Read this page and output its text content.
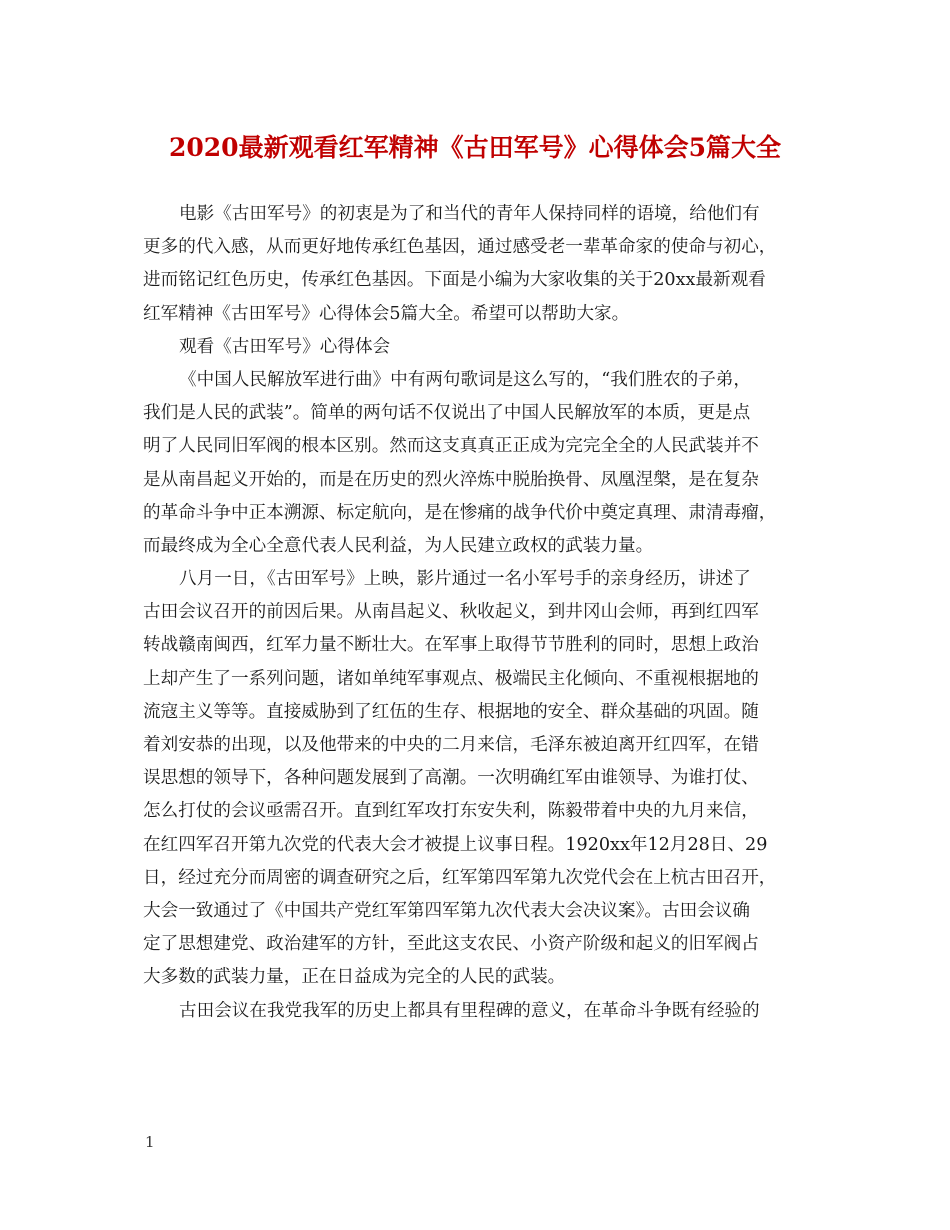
2020最新观看红军精神《古田军号》心得体会5篇大全
电影《古田军号》的初衷是为了和当代的青年人保持同样的语境，给他们有
更多的代入感，从而更好地传承红色基因，通过感受老一辈革命家的使命与初心，
进而铭记红色历史，传承红色基因。下面是小编为大家收集的关于20xx最新观看
红军精神《古田军号》心得体会5篇大全。希望可以帮助大家。
观看《古田军号》心得体会
《中国人民解放军进行曲》中有两句歌词是这么写的，“我们胜农的子弟，
我们是人民的武装”。简单的两句话不仅说出了中国人民解放军的本质，更是点
明了人民同旧军阀的根本区别。然而这支真真正正成为完完全全的人民武装并不
是从南昌起义开始的，而是在历史的烈火淬炼中脱胎换骨、凤凰涅槃，是在复杂
的革命斗争中正本溯源、标定航向，是在惨痛的战争代价中奠定真理、肃清毒瘤，
而最终成为全心全意代表人民利益，为人民建立政权的武装力量。
八月一日，《古田军号》上映，影片通过一名小军号手的亲身经历，讲述了
古田会议召开的前因后果。从南昌起义、秋收起义，到井冈山会师，再到红四军
转战赣南闽西，红军力量不断壮大。在军事上取得节节胜利的同时，思想上政治
上却产生了一系列问题，诸如单纯军事观点、极端民主化倾向、不重视根据地的
流寇主义等等。直接威胁到了红伍的生存、根据地的安全、群众基础的巩固。随
着刘安恭的出现，以及他带来的中央的二月来信，毛泽东被迫离开红四军，在错
误思想的领导下，各种问题发展到了高潮。一次明确红军由谁领导、为谁打仗、
怎么打仗的会议亟需召开。直到红军攻打东安失利，陈毅带着中央的九月来信，
在红四军召开第九次党的代表大会才被提上议事日程。1920xx年12月28日、29
日，经过充分而周密的调查研究之后，红军第四军第九次党代会在上杭古田召开，
大会一致通过了《中国共产党红军第四军第九次代表大会决议案》。古田会议确
定了思想建党、政治建军的方针，至此这支农民、小资产阶级和起义的旧军阀占
大多数的武装力量，正在日益成为完全的人民的武装。
古田会议在我党我军的历史上都具有里程碑的意义，在革命斗争既有经验的
1
